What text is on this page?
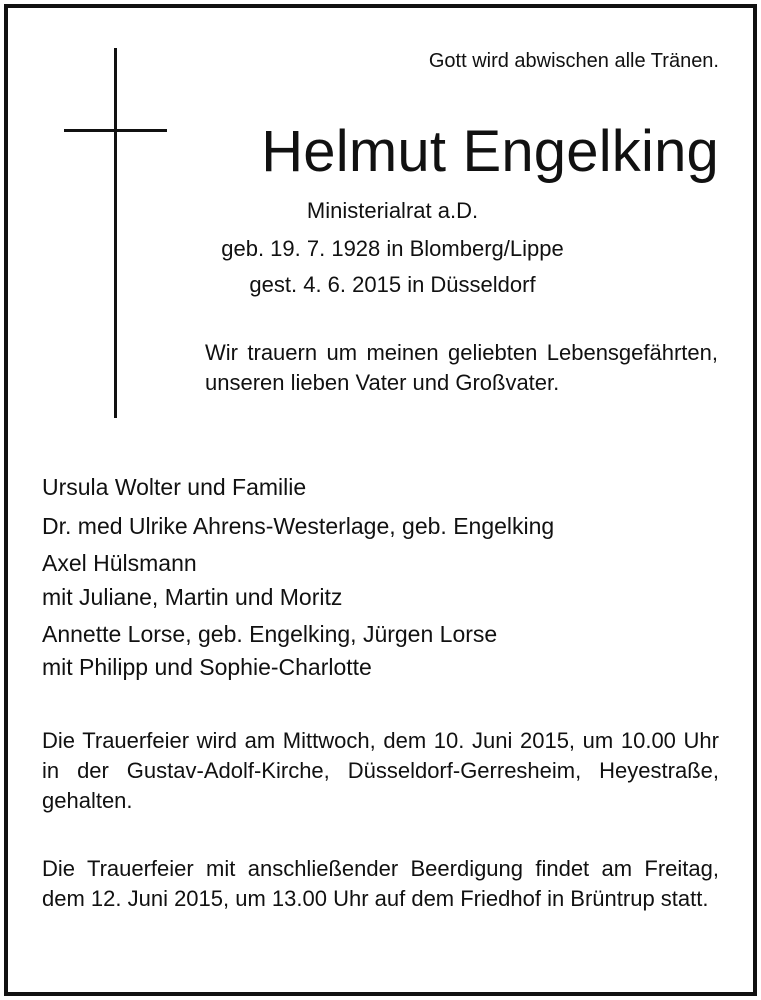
Gott wird abwischen alle Tränen.
Helmut Engelking
Ministerialrat a.D.
geb. 19. 7. 1928 in Blomberg/Lippe
gest. 4. 6. 2015 in Düsseldorf
Wir trauern um meinen geliebten Lebensgefährten, unseren lieben Vater und Großvater.
Ursula Wolter und Familie
Dr. med Ulrike Ahrens-Westerlage, geb. Engelking
Axel Hülsmann
mit Juliane, Martin und Moritz
Annette Lorse, geb. Engelking, Jürgen Lorse
mit Philipp und Sophie-Charlotte
Die Trauerfeier wird am Mittwoch, dem 10. Juni 2015, um 10.00 Uhr in der Gustav-Adolf-Kirche, Düsseldorf-Gerresheim, Heyestraße, gehalten.
Die Trauerfeier mit anschließender Beerdigung findet am Freitag, dem 12. Juni 2015, um 13.00 Uhr auf dem Friedhof in Brüntrup statt.
